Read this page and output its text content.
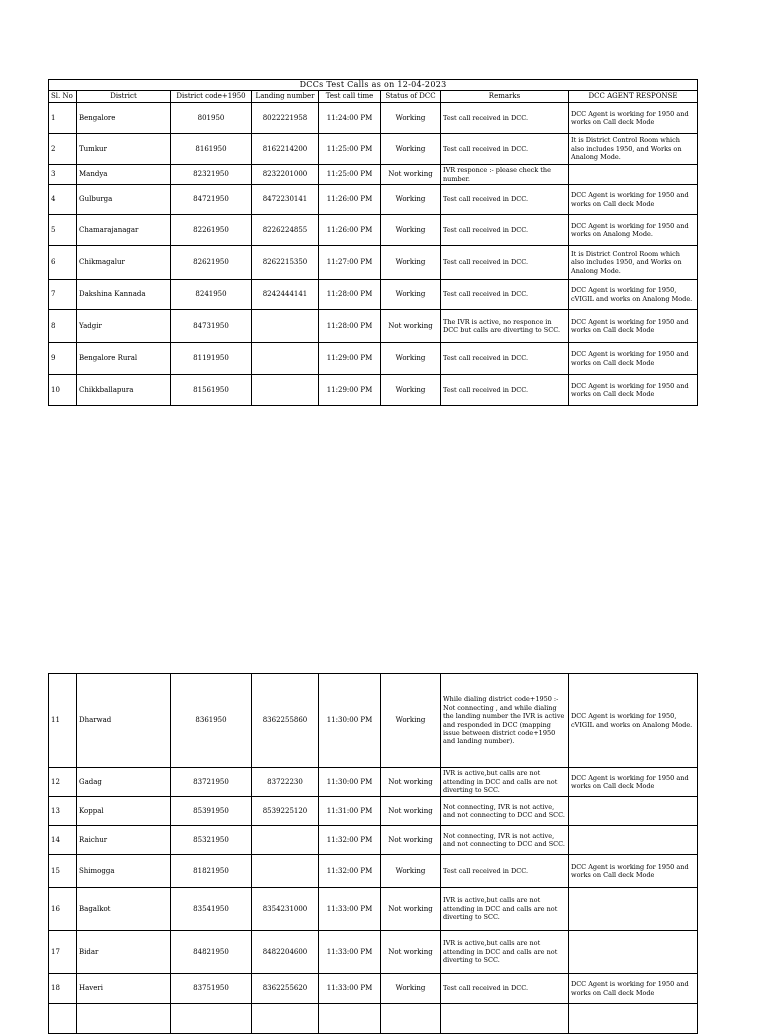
DCCs Test Calls as on 12-04-2023							
Sl. No	District	District code+1950	Landing number	Test call time	Status of DCC	Remarks	DCC AGENT RESPONSE
1	Bengalore	801950	8022221958	11:24:00 PM	Working	Test call received in DCC.	DCC Agent is working for 1950 and works on Call deck Mode
2	Tumkur	8161950	8162214200	11:25:00 PM	Working	Test call received in DCC.	It is District Control Room which also includes 1950, and Works on Analong Mode.
3	Mandya	82321950	8232201000	11:25:00 PM	Not working	IVR responce :- please check the number.	
4	Gulburga	84721950	8472230141	11:26:00 PM	Working	Test call received in DCC.	DCC Agent is working for 1950 and works on Call deck Mode
5	Chamarajanagar	82261950	8226224855	11:26:00 PM	Working	Test call received in DCC.	DCC Agent is working for 1950 and works on Analong Mode.
6	Chikmagalur	82621950	8262215350	11:27:00 PM	Working	Test call received in DCC.	It is District Control Room which also includes 1950, and Works on Analong Mode.
7	Dakshina Kannada	8241950	8242444141	11:28:00 PM	Working	Test call received in DCC.	DCC Agent is working for 1950, cVIGIL and works on Analong Mode.
8	Yadgir	84731950		11:28:00 PM	Not working	The IVR is active, no responce in DCC but calls are diverting to SCC.	DCC Agent is working for 1950 and works on Call deck Mode
9	Bengalore Rural	81191950		11:29:00 PM	Working	Test call received in DCC.	DCC Agent is working for 1950 and works on Call deck Mode
10	Chikkballapura	81561950		11:29:00 PM	Working	Test call received in DCC.	DCC Agent is working for 1950 and works on Call deck Mode
11	Dharwad	8361950	8362255860	11:30:00 PM	Working	While dialing district code+1950 :- Not connecting , and while dialing the landing number the IVR is active and responded in DCC (mapping issue between district code+1950 and landing number).	DCC Agent is working for 1950, cVIGIL and works on Analong Mode.
12	Gadag	83721950	83722230	11:30:00 PM	Not working	IVR is active,but calls are not attending in DCC and calls are not diverting to SCC.	DCC Agent is working for 1950 and works on Call deck Mode
13	Koppal	85391950	8539225120	11:31:00 PM	Not working	Not connecting, IVR is not active, and not connecting to DCC and SCC.	
14	Raichur	85321950		11:32:00 PM	Not working	Not connecting, IVR is not active, and not connecting to DCC and SCC.	
15	Shimogga	81821950		11:32:00 PM	Working	Test call received in DCC.	DCC Agent is working for 1950 and works on Call deck Mode
16	Bagalkot	83541950	8354231000	11:33:00 PM	Not working	IVR is active,but calls are not attending in DCC and calls are not diverting to SCC.	
17	Bidar	84821950	8482204600	11:33:00 PM	Not working	IVR is active,but calls are not attending in DCC and calls are not diverting to SCC.	
18	Haveri	83751950	8362255620	11:33:00 PM	Working	Test call received in DCC.	DCC Agent is working for 1950 and works on Call deck Mode
